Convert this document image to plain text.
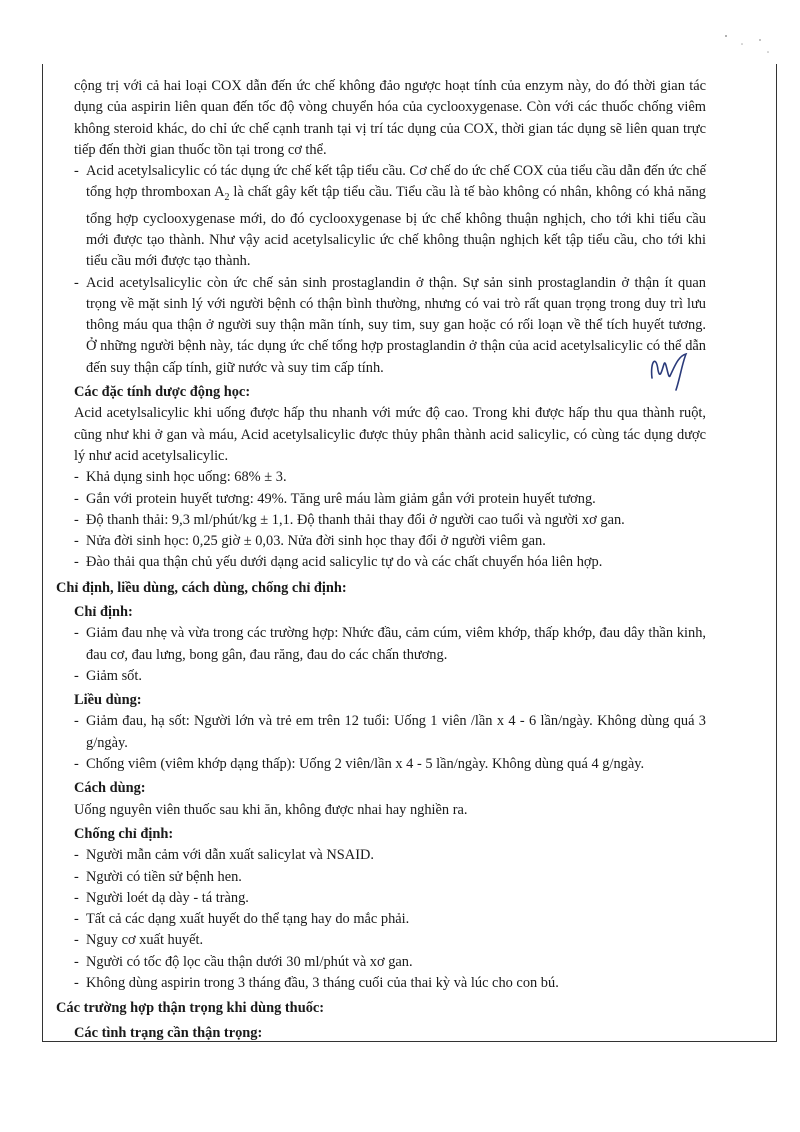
cộng trị với cả hai loại COX dẫn đến ức chế không đảo ngược hoạt tính của enzym này, do đó thời gian tác dụng của aspirin liên quan đến tốc độ vòng chuyển hóa của cyclooxygenase. Còn với các thuốc chống viêm không steroid khác, do chỉ ức chế cạnh tranh tại vị trí tác dụng của COX, thời gian tác dụng sẽ liên quan trực tiếp đến thời gian thuốc tồn tại trong cơ thể.

- Acid acetylsalicylic có tác dụng ức chế kết tập tiểu cầu. Cơ chế do ức chế COX của tiểu cầu dẫn đến ức chế tổng hợp thromboxan $A_2$ là chất gây kết tập tiểu cầu. Tiểu cầu là tế bào không có nhân, không có khả năng tổng hợp cyclooxygenase mới, do đó cyclooxygenase bị ức chế không thuận nghịch, cho tới khi tiểu cầu mới được tạo thành. Như vậy acid acetylsalicylic ức chế không thuận nghịch kết tập tiểu cầu, cho tới khi tiểu cầu mới được tạo thành.
- Acid acetylsalicylic còn ức chế sản sinh prostaglandin ở thận. Sự sản sinh prostaglandin ở thận ít quan trọng về mặt sinh lý với người bệnh có thận bình thường, nhưng có vai trò rất quan trọng trong duy trì lưu thông máu qua thận ở người suy thận mãn tính, suy tim, suy gan hoặc có rối loạn về thể tích huyết tương. Ở những người bệnh này, tác dụng ức chế tổng hợp prostaglandin ở thận của acid acetylsalicylic có thể dẫn đến suy thận cấp tính, giữ nước và suy tim cấp tính.
Các đặc tính dược động học:

Acid acetylsalicylic khi uống được hấp thu nhanh với mức độ cao. Trong khi được hấp thu qua thành ruột, cũng như khi ở gan và máu, Acid acetylsalicylic được thủy phân thành acid salicylic, có cùng tác dụng dược lý như acid acetylsalicylic.

- Khả dụng sinh học uống: 68% ± 3.
- Gắn với protein huyết tương: 49%. Tăng urê máu làm giảm gắn với protein huyết tương.
- Độ thanh thải: 9,3 ml/phút/kg ± 1,1. Độ thanh thải thay đổi ở người cao tuổi và người xơ gan.
- Nửa đời sinh học: 0,25 giờ ± 0,03. Nửa đời sinh học thay đổi ở người viêm gan.
- Đào thải qua thận chủ yếu dưới dạng acid salicylic tự do và các chất chuyển hóa liên hợp.
Chỉ định, liều dùng, cách dùng, chống chỉ định:
Chỉ định:
- Giảm đau nhẹ và vừa trong các trường hợp: Nhức đầu, cảm cúm, viêm khớp, thấp khớp, đau dây thần kinh, đau cơ, đau lưng, bong gân, đau răng, đau do các chấn thương.
- Giảm sốt.
Liều dùng:
- Giảm đau, hạ sốt: Người lớn và trẻ em trên 12 tuổi: Uống 1 viên /lần x 4 - 6 lần/ngày. Không dùng quá 3 g/ngày.
- Chống viêm (viêm khớp dạng thấp): Uống 2 viên/lần x 4 - 5 lần/ngày. Không dùng quá 4 g/ngày.
Cách dùng:

Uống nguyên viên thuốc sau khi ăn, không được nhai hay nghiền ra.

Chống chỉ định:
- Người mẫn cảm với dẫn xuất salicylat và NSAID.
- Người có tiền sử bệnh hen.
- Người loét dạ dày - tá tràng.
- Tất cả các dạng xuất huyết do thể tạng hay do mắc phải.
- Nguy cơ xuất huyết.
- Người có tốc độ lọc cầu thận dưới 30 ml/phút và xơ gan.
- Không dùng aspirin trong 3 tháng đầu, 3 tháng cuối của thai kỳ và lúc cho con bú.
Các trường hợp thận trọng khi dùng thuốc:
Các tình trạng cần thận trọng:
